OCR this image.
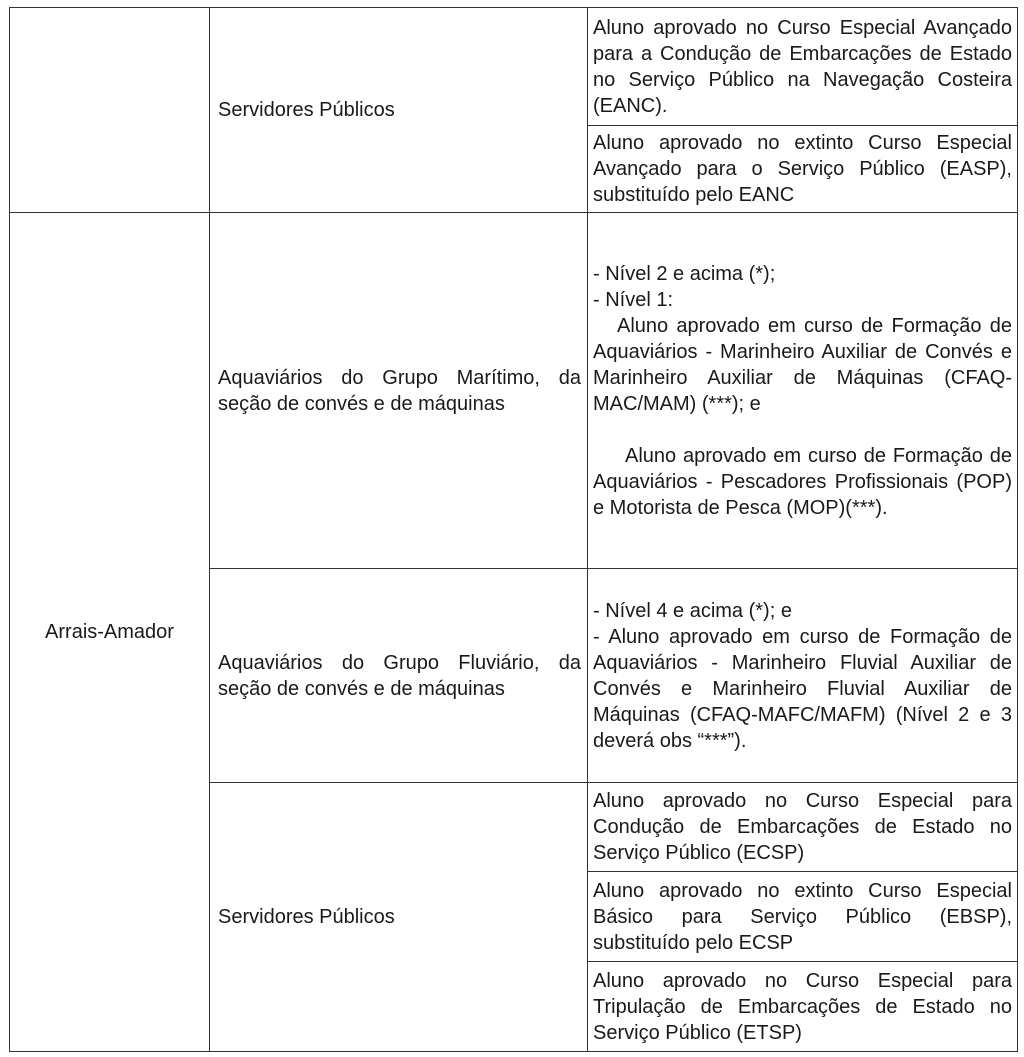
	Servidores Públicos	Aluno aprovado no Curso Especial Avançado para a Condução de Embarcações de Estado no Serviço Público na Navegação Costeira (EANC).
		Aluno aprovado no extinto Curso Especial Avançado para o Serviço Público (EASP), substituído pelo EANC
Arrais-Amador	Aquaviários do Grupo Marítimo, da seção de convés e de máquinas	- Nível 2 e acima (*);
- Nível 1:
Aluno aprovado em curso de Formação de Aquaviários - Marinheiro Auxiliar de Convés e Marinheiro Auxiliar de Máquinas (CFAQ-MAC/MAM) (***); e
Aluno aprovado em curso de Formação de Aquaviários - Pescadores Profissionais (POP) e Motorista de Pesca (MOP)(***).

	Aquaviários do Grupo Fluviário, da seção de convés e de máquinas	- Nível 4 e acima (*); e
- Aluno aprovado em curso de Formação de Aquaviários - Marinheiro Fluvial Auxiliar de Convés e Marinheiro Fluvial Auxiliar de Máquinas (CFAQ-MAFC/MAFM) (Nível 2 e 3 deverá obs “***”).

	Servidores Públicos	Aluno aprovado no Curso Especial para Condução de Embarcações de Estado no Serviço Público (ECSP)
		Aluno aprovado no extinto Curso Especial Básico para Serviço Público (EBSP), substituído pelo ECSP
		Aluno aprovado no Curso Especial para Tripulação de Embarcações de Estado no Serviço Público (ETSP)
